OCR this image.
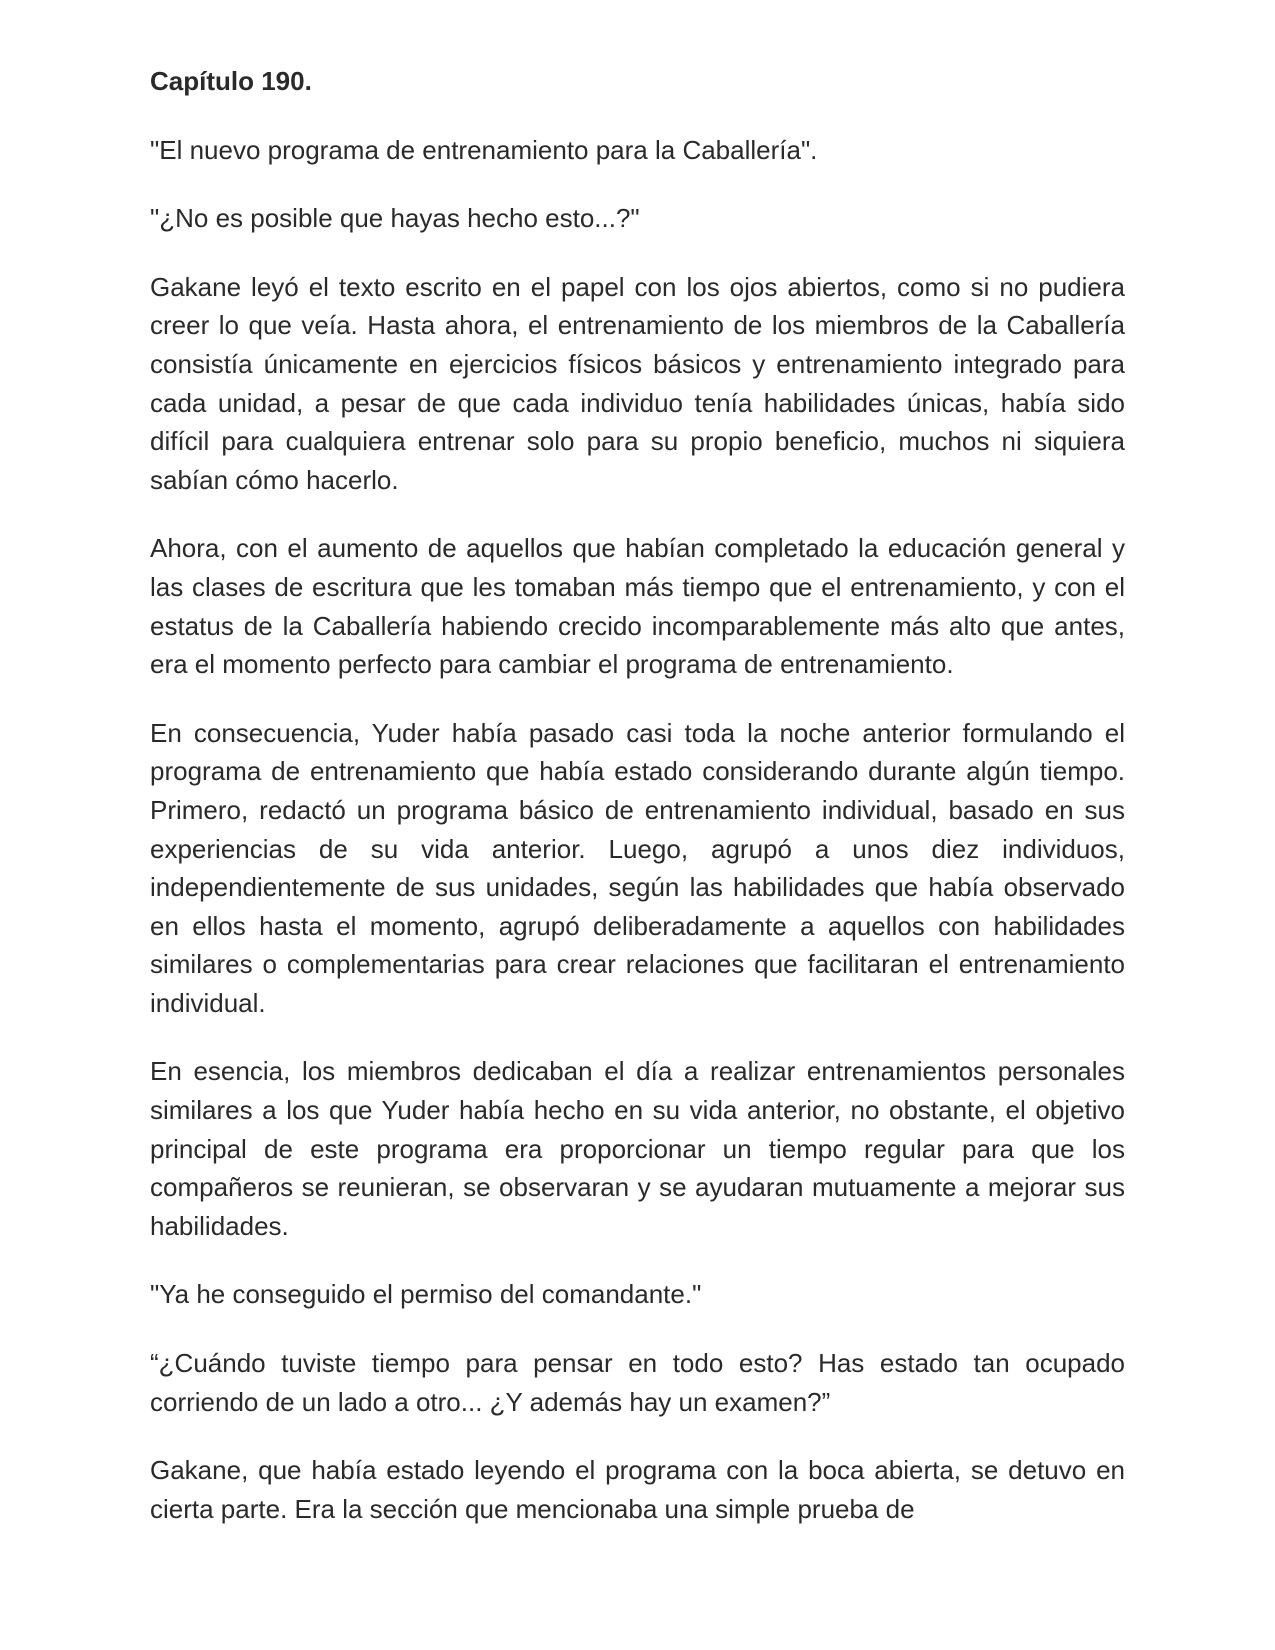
Capítulo 190.

"El nuevo programa de entrenamiento para la Caballería".

"¿No es posible que hayas hecho esto...?"

Gakane leyó el texto escrito en el papel con los ojos abiertos, como si no pudiera creer lo que veía. Hasta ahora, el entrenamiento de los miembros de la Caballería consistía únicamente en ejercicios físicos básicos y entrenamiento integrado para cada unidad, a pesar de que cada individuo tenía habilidades únicas, había sido difícil para cualquiera entrenar solo para su propio beneficio, muchos ni siquiera sabían cómo hacerlo.

Ahora, con el aumento de aquellos que habían completado la educación general y las clases de escritura que les tomaban más tiempo que el entrenamiento, y con el estatus de la Caballería habiendo crecido incomparablemente más alto que antes, era el momento perfecto para cambiar el programa de entrenamiento.

En consecuencia, Yuder había pasado casi toda la noche anterior formulando el programa de entrenamiento que había estado considerando durante algún tiempo. Primero, redactó un programa básico de entrenamiento individual, basado en sus experiencias de su vida anterior. Luego, agrupó a unos diez individuos, independientemente de sus unidades, según las habilidades que había observado en ellos hasta el momento, agrupó deliberadamente a aquellos con habilidades similares o complementarias para crear relaciones que facilitaran el entrenamiento individual.

En esencia, los miembros dedicaban el día a realizar entrenamientos personales similares a los que Yuder había hecho en su vida anterior, no obstante, el objetivo principal de este programa era proporcionar un tiempo regular para que los compañeros se reunieran, se observaran y se ayudaran mutuamente a mejorar sus habilidades.

"Ya he conseguido el permiso del comandante."

“¿Cuándo tuviste tiempo para pensar en todo esto? Has estado tan ocupado corriendo de un lado a otro... ¿Y además hay un examen?”

Gakane, que había estado leyendo el programa con la boca abierta, se detuvo en cierta parte. Era la sección que mencionaba una simple prueba de
